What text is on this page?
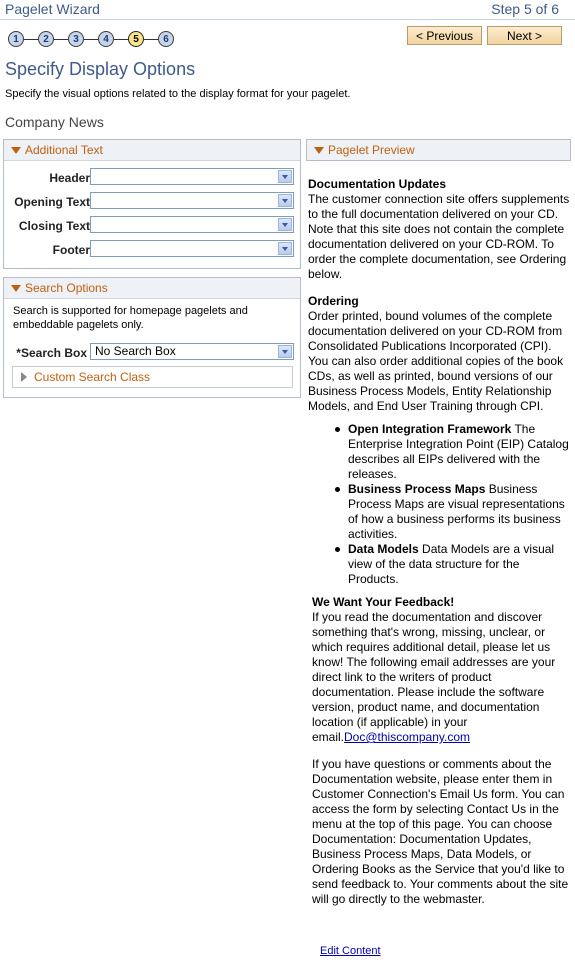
Pagelet Wizard	Step 5 of 6
1	2	3	4	5	6	< Previous	Next >
Specify Display Options
Specify the visual options related to the display format for your pagelet.
Company News
Additional Text
Header
Opening Text
Closing Text
Footer
Search Options
Search is supported for homepage pagelets and embeddable pagelets only.
*Search Box No Search Box
Custom Search Class
Pagelet Preview

Documentation Updates

The customer connection site offers supplements to the full documentation delivered on your CD. Note that this site does not contain the complete documentation delivered on your CD-ROM. To order the complete documentation, see Ordering below.

Ordering

Order printed, bound volumes of the complete documentation delivered on your CD-ROM from Consolidated Publications Incorporated (CPI). You can also order additional copies of the book CDs, as well as printed, bound versions of our Business Process Models, Entity Relationship Models, and End User Training through CPI.

Open Integration Framework The Enterprise Integration Point (EIP) Catalog describes all EIPs delivered with the releases.
Business Process Maps Business Process Maps are visual representations of how a business performs its business activities.
Data Models Data Models are a visual view of the data structure for the Products.

We Want Your Feedback!

If you read the documentation and discover something that's wrong, missing, unclear, or which requires additional detail, please let us know! The following email addresses are your direct link to the writers of product documentation. Please include the software version, product name, and documentation location (if applicable) in your email.Doc@thiscompany.com

If you have questions or comments about the Documentation website, please enter them in Customer Connection's Email Us form. You can access the form by selecting Contact Us in the menu at the top of this page. You can choose Documentation: Documentation Updates, Business Process Maps, Data Models, or Ordering Books as the Service that you'd like to send feedback to. Your comments about the site will go directly to the webmaster.

Edit Content
